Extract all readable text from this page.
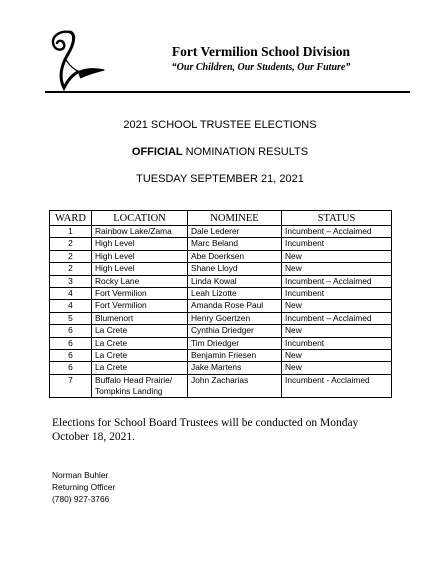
Fort Vermilion School Division
“Our Children, Our Students, Our Future”
2021 SCHOOL TRUSTEE ELECTIONS
OFFICIAL NOMINATION RESULTS
TUESDAY SEPTEMBER 21, 2021
WARD	LOCATION	NOMINEE	STATUS
1	Rainbow Lake/Zama	Dale Lederer	Incumbent – Acclaimed
2	High Level	Marc Beland	Incumbent
2	High Level	Abe Doerksen	New
2	High Level	Shane Lloyd	New
3	Rocky Lane	Linda Kowal	Incumbent – Acclaimed
4	Fort Vermilion	Leah Lizotte	Incumbent
4	Fort Vermilion	Amanda Rose Paul	New
5	Blumenort	Henry Goertzen	Incumbent – Acclaimed
6	La Crete	Cynthia Driedger	New
6	La Crete	Tim Driedger	Incumbent
6	La Crete	Benjamin Friesen	New
6	La Crete	Jake Martens	New
7	Buffalo Head Prairie/ Tompkins Landing	John Zacharias	Incumbent - Acclaimed
Elections for School Board Trustees will be conducted on Monday October 18, 2021.
Norman Buhler
Returning Officer
(780) 927-3766
